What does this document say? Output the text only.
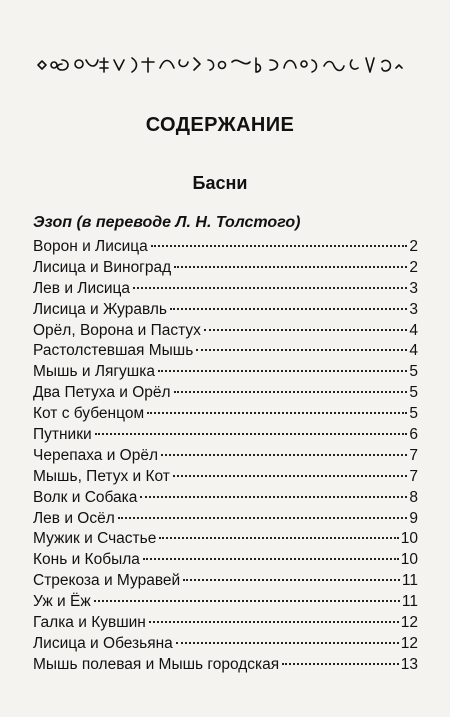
СОДЕРЖАНИЕ
Басни
Эзоп (в переводе Л. Н. Толстого)
Ворон и Лисица	2
Лисица и Виноград	2
Лев и Лисица	3
Лисица и Журавль	3
Орёл, Ворона и Пастух	4
Растолстевшая Мышь	4
Мышь и Лягушка	5
Два Петуха и Орёл	5
Кот с бубенцом	5
Путники	6
Черепаха и Орёл	7
Мышь, Петух и Кот	7
Волк и Собака	8
Лев и Осёл	9
Мужик и Счастье	10
Конь и Кобыла	10
Стрекоза и Муравей	11
Уж и Ёж	11
Галка и Кувшин	12
Лисица и Обезьяна	12
Мышь полевая и Мышь городская	13
